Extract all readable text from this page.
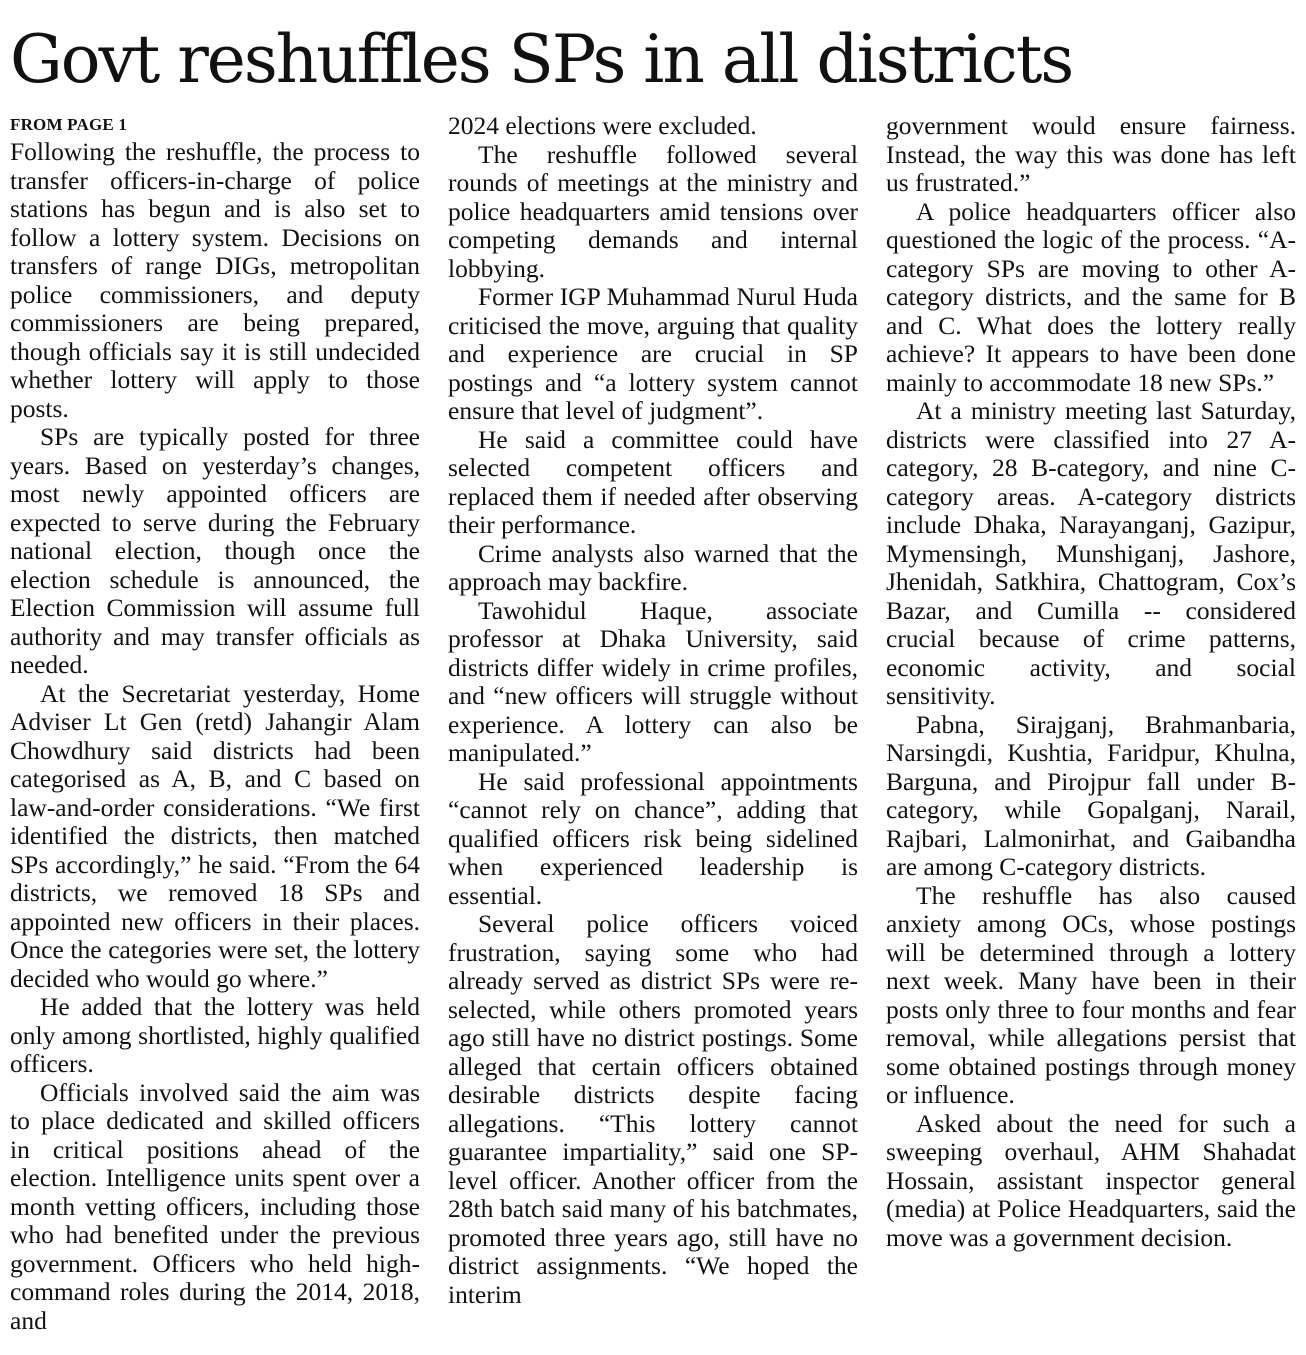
Govt reshuffles SPs in all districts
FROM PAGE 1

Following the reshuffle, the process to transfer officers-in-charge of police stations has begun and is also set to follow a lottery system. Decisions on transfers of range DIGs, metropolitan police commissioners, and deputy commissioners are being prepared, though officials say it is still undecided whether lottery will apply to those posts.

SPs are typically posted for three years. Based on yesterday’s changes, most newly appointed officers are expected to serve during the February national election, though once the election schedule is announced, the Election Commission will assume full authority and may transfer officials as needed.

At the Secretariat yesterday, Home Adviser Lt Gen (retd) Jahangir Alam Chowdhury said districts had been categorised as A, B, and C based on law-and-order considerations. “We first identified the districts, then matched SPs accordingly,” he said. “From the 64 districts, we removed 18 SPs and appointed new officers in their places. Once the categories were set, the lottery decided who would go where.”

He added that the lottery was held only among shortlisted, highly qualified officers.

Officials involved said the aim was to place dedicated and skilled officers in critical positions ahead of the election. Intelligence units spent over a month vetting officers, including those who had benefited under the previous government. Officers who held high-command roles during the 2014, 2018, and

2024 elections were excluded.

The reshuffle followed several rounds of meetings at the ministry and police headquarters amid tensions over competing demands and internal lobbying.

Former IGP Muhammad Nurul Huda criticised the move, arguing that quality and experience are crucial in SP postings and “a lottery system cannot ensure that level of judgment”.

He said a committee could have selected competent officers and replaced them if needed after observing their performance.

Crime analysts also warned that the approach may backfire.

Tawohidul Haque, associate professor at Dhaka University, said districts differ widely in crime profiles, and “new officers will struggle without experience. A lottery can also be manipulated.”

He said professional appointments “cannot rely on chance”, adding that qualified officers risk being sidelined when experienced leadership is essential.

Several police officers voiced frustration, saying some who had already served as district SPs were re-selected, while others promoted years ago still have no district postings. Some alleged that certain officers obtained desirable districts despite facing allegations. “This lottery cannot guarantee impartiality,” said one SP-level officer. Another officer from the 28th batch said many of his batchmates, promoted three years ago, still have no district assignments. “We hoped the interim

government would ensure fairness. Instead, the way this was done has left us frustrated.”

A police headquarters officer also questioned the logic of the process. “A-category SPs are moving to other A-category districts, and the same for B and C. What does the lottery really achieve? It appears to have been done mainly to accommodate 18 new SPs.”

At a ministry meeting last Saturday, districts were classified into 27 A-category, 28 B-category, and nine C-category areas. A-category districts include Dhaka, Narayanganj, Gazipur, Mymensingh, Munshiganj, Jashore, Jhenidah, Satkhira, Chattogram, Cox’s Bazar, and Cumilla -- considered crucial because of crime patterns, economic activity, and social sensitivity.

Pabna, Sirajganj, Brahmanbaria, Narsingdi, Kushtia, Faridpur, Khulna, Barguna, and Pirojpur fall under B-category, while Gopalganj, Narail, Rajbari, Lalmonirhat, and Gaibandha are among C-category districts.

The reshuffle has also caused anxiety among OCs, whose postings will be determined through a lottery next week. Many have been in their posts only three to four months and fear removal, while allegations persist that some obtained postings through money or influence.

Asked about the need for such a sweeping overhaul, AHM Shahadat Hossain, assistant inspector general (media) at Police Headquarters, said the move was a government decision.
